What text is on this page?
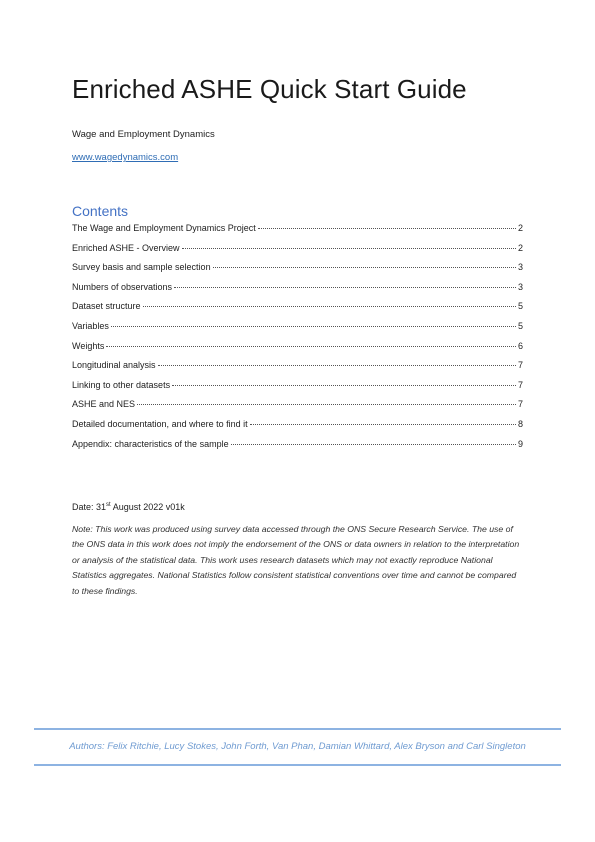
Enriched ASHE Quick Start Guide
Wage and Employment Dynamics
www.wagedynamics.com
Contents
The Wage and Employment Dynamics Project	2
Enriched ASHE - Overview	2
Survey basis and sample selection	3
Numbers of observations	3
Dataset structure	5
Variables	5
Weights	6
Longitudinal analysis	7
Linking to other datasets	7
ASHE and NES	7
Detailed documentation, and where to find it	8
Appendix: characteristics of the sample	9
Date: 31st August 2022 v01k
Note: This work was produced using survey data accessed through the ONS Secure Research Service. The use of the ONS data in this work does not imply the endorsement of the ONS or data owners in relation to the interpretation or analysis of the statistical data. This work uses research datasets which may not exactly reproduce National Statistics aggregates. National Statistics follow consistent statistical conventions over time and cannot be compared to these findings.
Authors: Felix Ritchie, Lucy Stokes, John Forth, Van Phan, Damian Whittard, Alex Bryson and Carl Singleton
